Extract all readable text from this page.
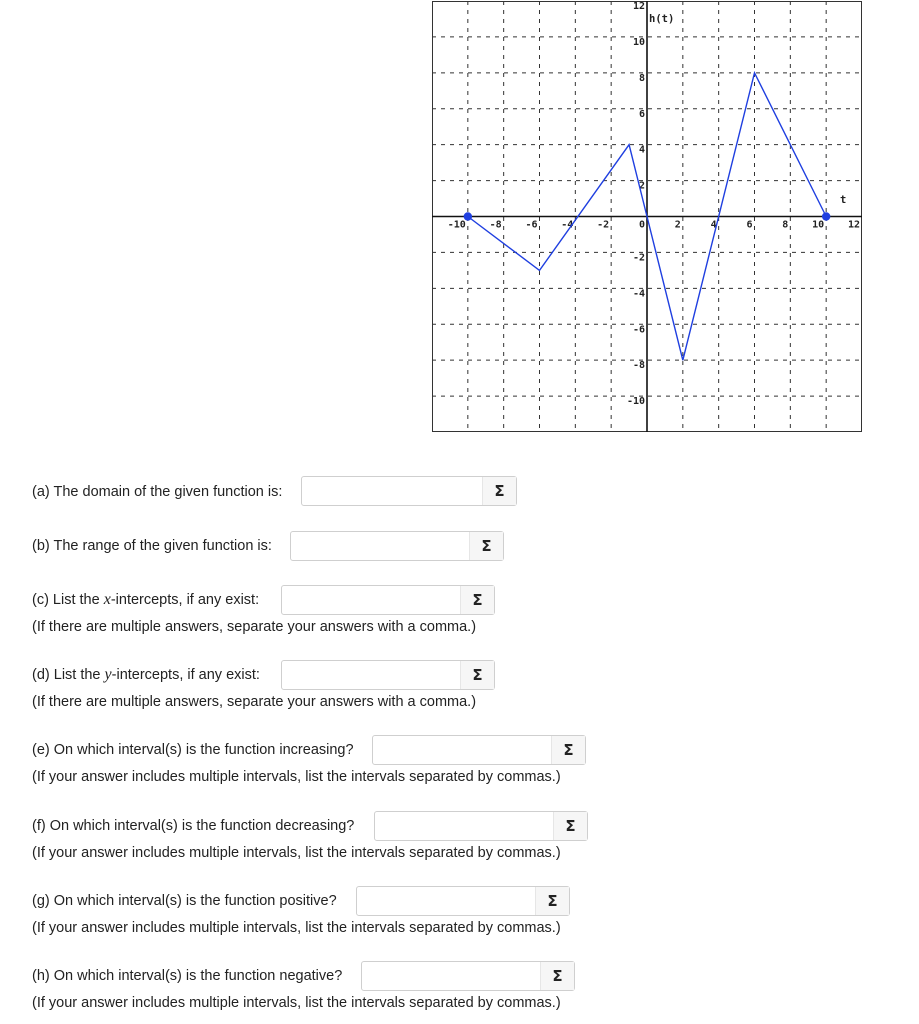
-10 -8 -6 -4 -2	0	2	4	6	8 10 12
12
10
8
6
4
2
-2
-4
-6
-8
-10
h(t)
t
(a) The domain of the given function is:	Σ
(b) The range of the given function is:	Σ
(c) List the x -intercepts, if any exist:	Σ
(If there are multiple answers, separate your answers with a comma.)
(d) List the y -intercepts, if any exist:	Σ
(If there are multiple answers, separate your answers with a comma.)
(e) On which interval(s) is the function increasing?	Σ
(If your answer includes multiple intervals, list the intervals separated by commas.)
(f) On which interval(s) is the function decreasing?	Σ
(If your answer includes multiple intervals, list the intervals separated by commas.)
(g) On which interval(s) is the function positive?	Σ
(If your answer includes multiple intervals, list the intervals separated by commas.)
(h) On which interval(s) is the function negative?	Σ
(If your answer includes multiple intervals, list the intervals separated by commas.)
